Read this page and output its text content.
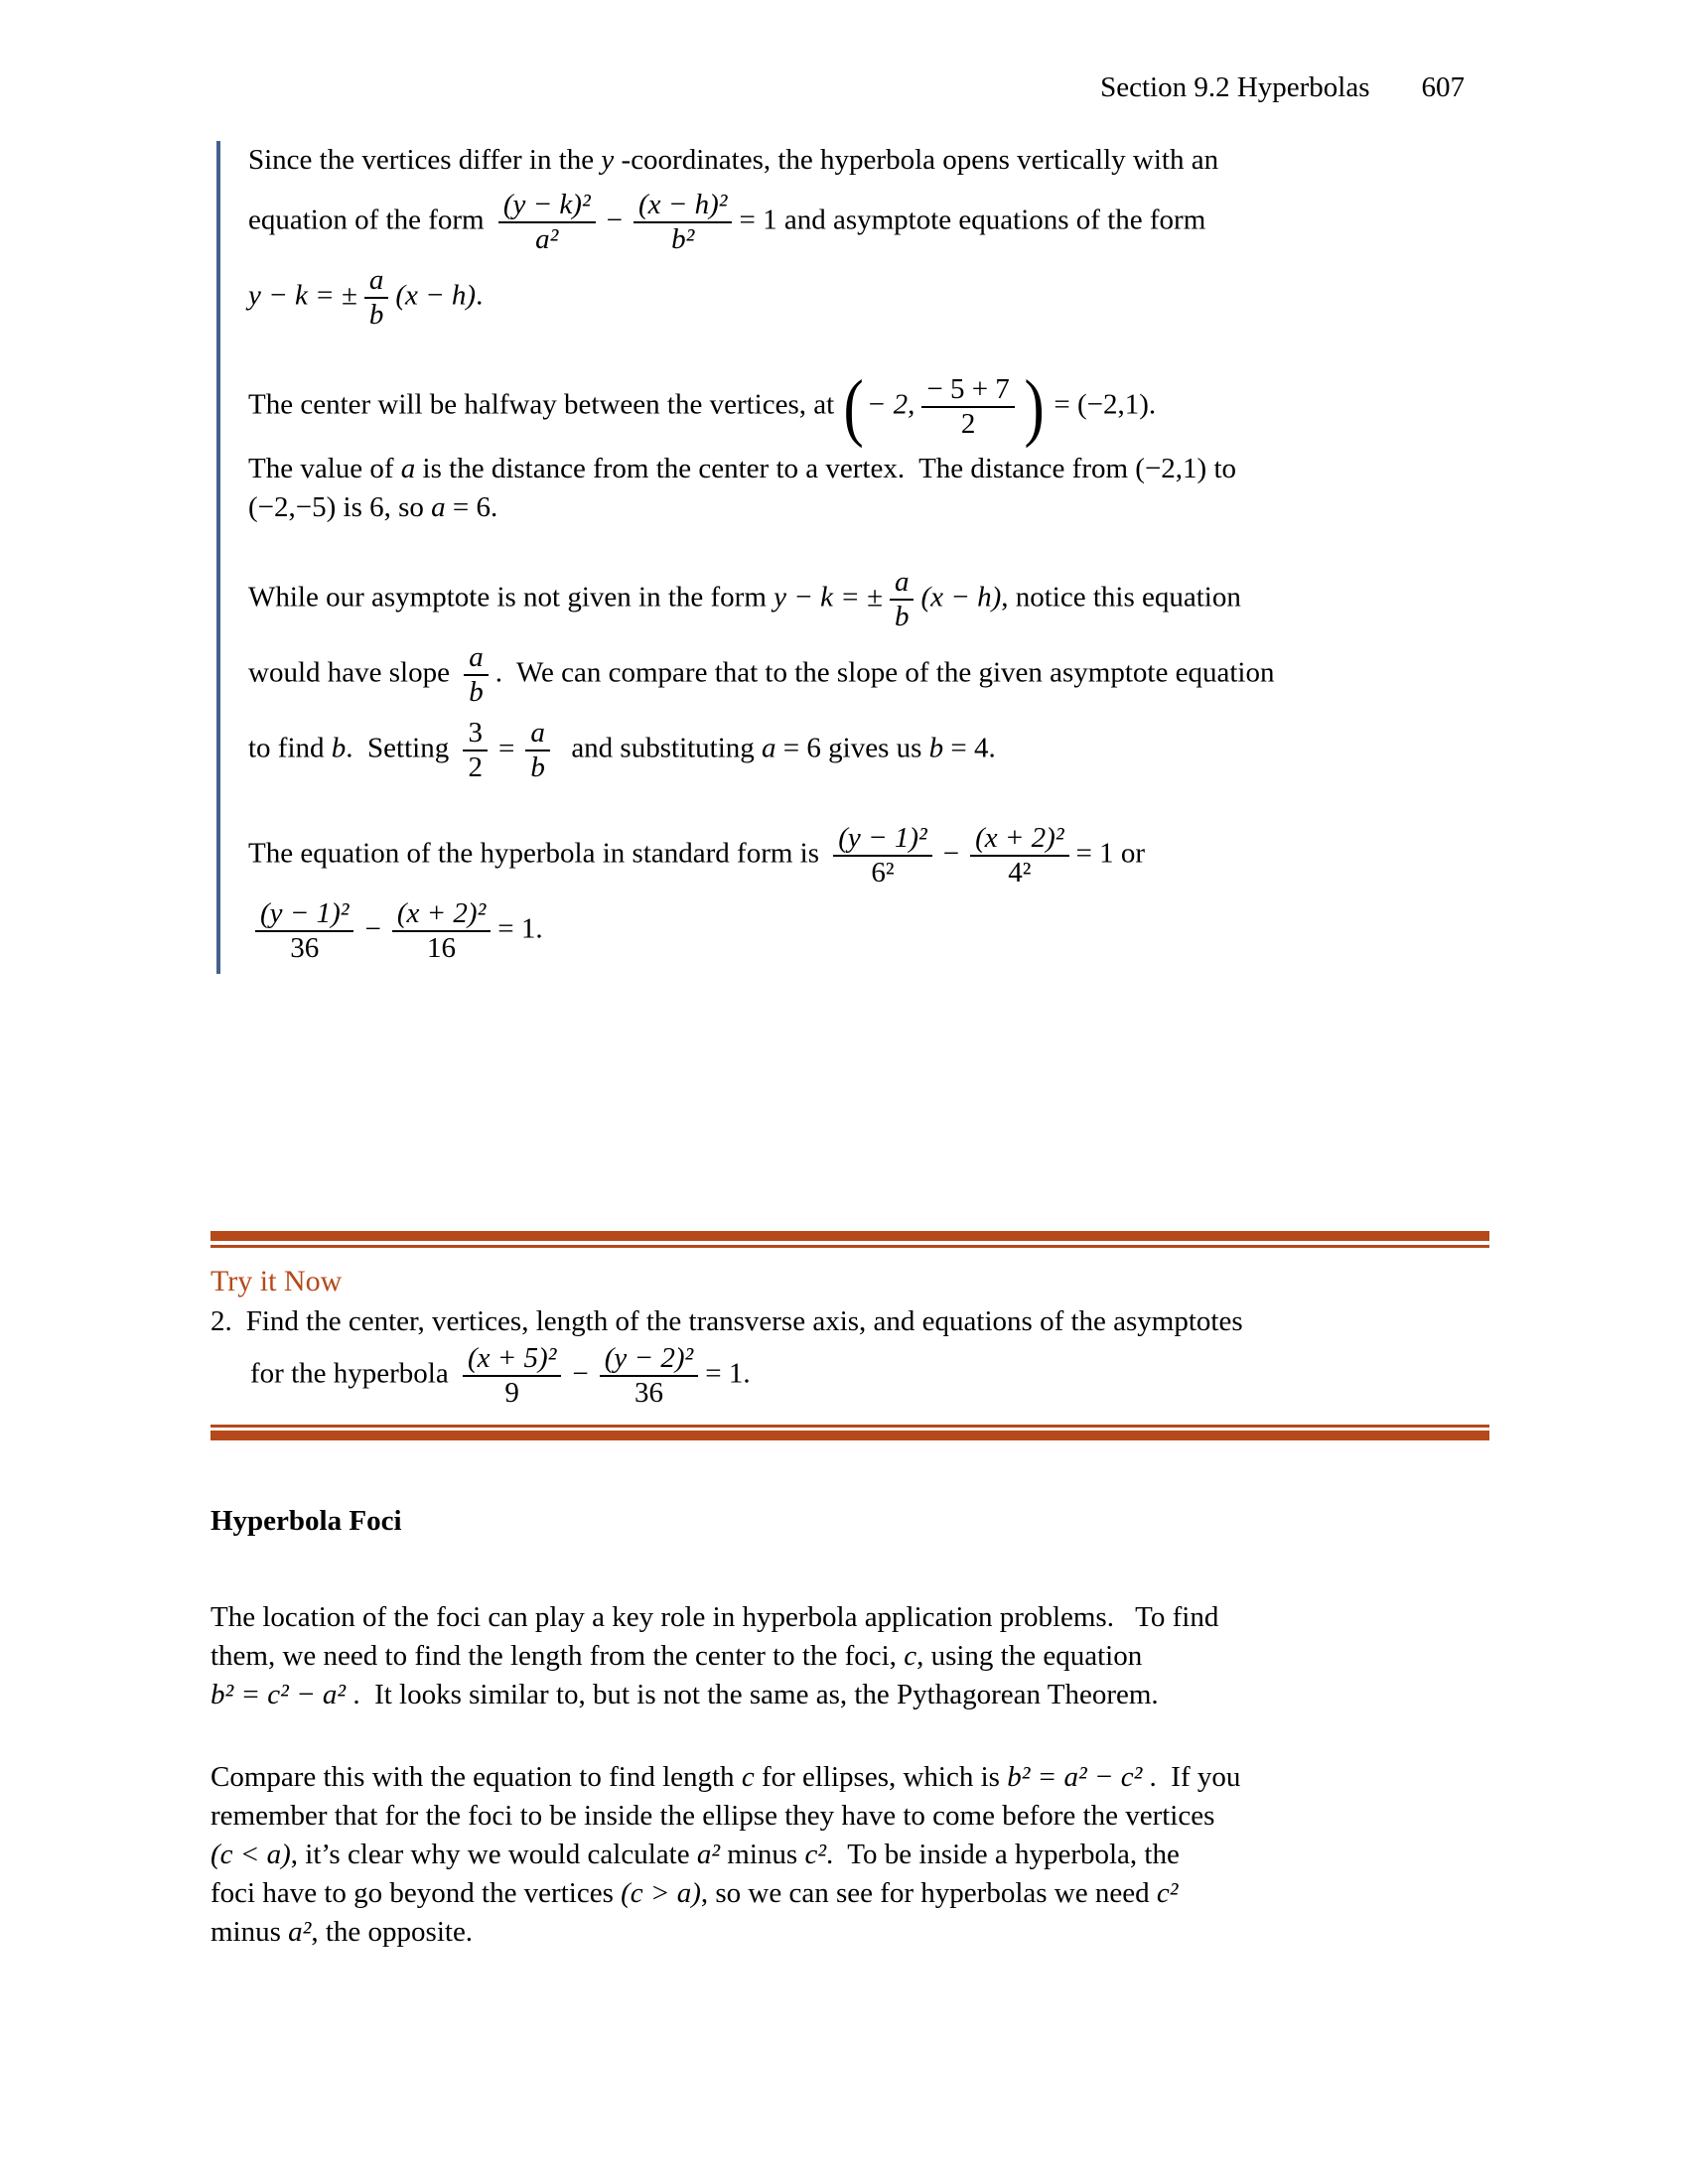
Section 9.2 Hyperbolas 607
Since the vertices differ in the y -coordinates, the hyperbola opens vertically with an
equation of the form $\frac{\text{(y − k)²}}{\text{a²}} - \frac{\text{(x − h)²}}{\text{b²}} = 1$ and asymptote equations of the form
y − k = ± $\frac{a}{b} (x - h)$.
The center will be halfway between the vertices, at (− 2, $\frac{- 5 + 7}{2}$ ) = (−2,1).
The value of a is the distance from the center to a vertex.  The distance from (−2,1) to
(−2,−5) is 6, so a = 6.
While our asymptote is not given in the form y − k = ± $\frac{a}{b} (x - h)$, notice this equation
would have slope $\frac{a}{b}$ .  We can compare that to the slope of the given asymptote equation
to find b.  Setting $\frac{3}{2} = \frac{a}{b}$ and substituting a = 6 gives us b = 4.
The equation of the hyperbola in standard form is $\frac{\text{(y − 1)²}}{\text{6²}} - \frac{\text{(x + 2)²}}{\text{4²}} = 1$ or
$\frac{\text{(y − 1)²}}{36} - \frac{\text{(x + 2)²}}{16} = 1$.
Try it Now
2. Find the center, vertices, length of the transverse axis, and equations of the asymptotes
for the hyperbola $\frac{\text{(x + 5)²}}{9} - \frac{\text{(y − 2)²}}{36} = 1$.
Hyperbola Foci
The location of the foci can play a key role in hyperbola application problems.   To find
them, we need to find the length from the center to the foci, c, using the equation
b² = c² − a² .  It looks similar to, but is not the same as, the Pythagorean Theorem.
Compare this with the equation to find length c for ellipses, which is b² = a² − c² .  If you
remember that for the foci to be inside the ellipse they have to come before the vertices
(c < a), it’s clear why we would calculate a² minus c².  To be inside a hyperbola, the
foci have to go beyond the vertices (c > a), so we can see for hyperbolas we need c²
minus a², the opposite.
